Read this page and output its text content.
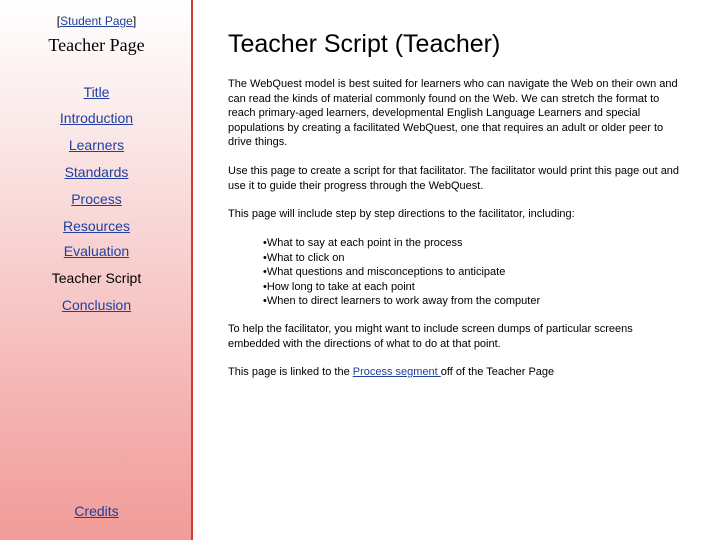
[Student Page]
Teacher Page
Title
Introduction
Learners
Standards
Process
Resources
Evaluation
Teacher Script
Conclusion
Credits
Teacher Script (Teacher)
The WebQuest model is best suited for learners who can navigate the Web on their own and can read the kinds of material commonly found on the Web. We can stretch the format to reach primary-aged learners, developmental English Language Learners and special populations by creating a facilitated WebQuest, one that requires an adult or older peer to drive things.
Use this page to create a script for that facilitator. The facilitator would print this page out and use it to guide their progress through the WebQuest.
This page will include step by step directions to the facilitator, including:
•What to say at each point in the process
•What to click on
•What questions and misconceptions to anticipate
•How long to take at each point
•When to direct learners to work away from the computer
To help the facilitator, you might want to include screen dumps of particular screens embedded with the directions of what to do at that point.
This page is linked to the Process segment off of the Teacher Page
